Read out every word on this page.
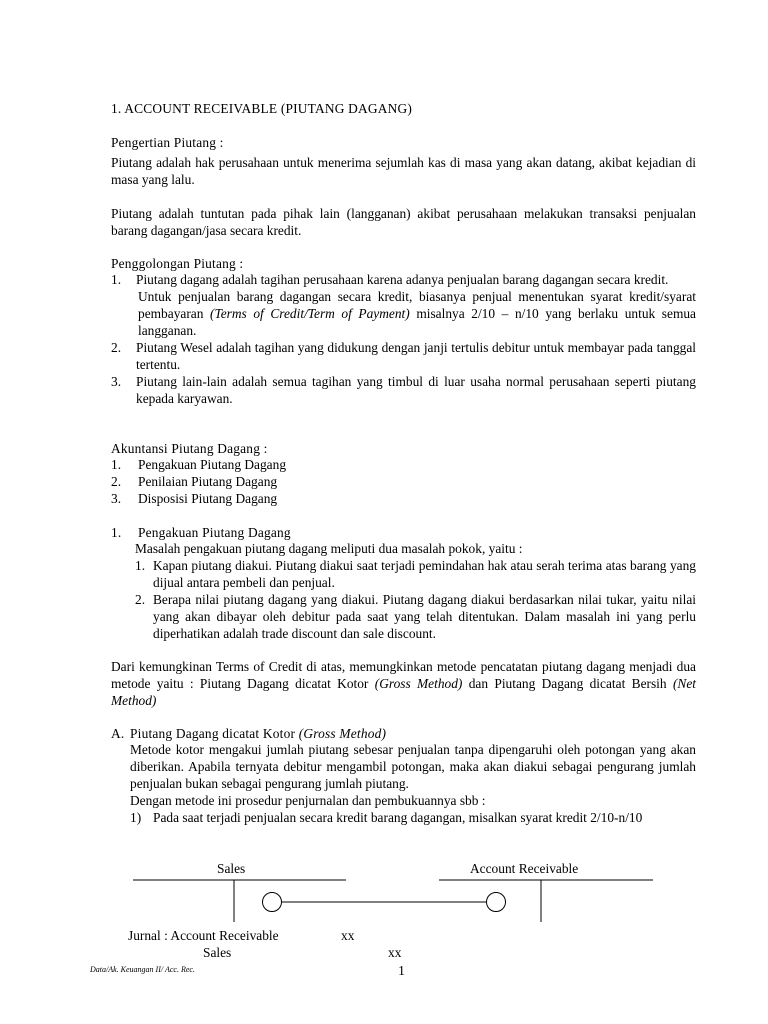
1. ACCOUNT RECEIVABLE (PIUTANG DAGANG)
Pengertian Piutang :

Piutang adalah hak perusahaan untuk menerima sejumlah kas di masa yang akan datang, akibat kejadian di masa yang lalu.

Piutang adalah tuntutan pada pihak lain (langganan) akibat perusahaan melakukan transaksi penjualan barang dagangan/jasa secara kredit.

Penggolongan Piutang :
1. Piutang dagang adalah tagihan perusahaan karena adanya penjualan barang dagangan secara kredit.

Untuk penjualan barang dagangan secara kredit, biasanya penjual menentukan syarat kredit/syarat pembayaran (Terms of Credit/Term of Payment) misalnya 2/10 – n/10 yang berlaku untuk semua langganan.

2. Piutang Wesel adalah tagihan yang didukung dengan janji tertulis debitur untuk membayar pada tanggal tertentu.

3. Piutang lain-lain adalah semua tagihan yang timbul di luar usaha normal perusahaan seperti piutang kepada karyawan.

Akuntansi Piutang Dagang :
1. Pengakuan Piutang Dagang
2. Penilaian Piutang Dagang
3. Disposisi Piutang Dagang
1. Pengakuan Piutang Dagang

Masalah pengakuan piutang dagang meliputi dua masalah pokok, yaitu :

1. Kapan piutang diakui. Piutang diakui saat terjadi pemindahan hak atau serah terima atas barang yang dijual antara pembeli dan penjual.

2. Berapa nilai piutang dagang yang diakui. Piutang dagang diakui berdasarkan nilai tukar, yaitu nilai yang akan dibayar oleh debitur pada saat yang telah ditentukan. Dalam masalah ini yang perlu diperhatikan adalah trade discount dan sale discount.

Dari kemungkinan Terms of Credit di atas, memungkinkan metode pencatatan piutang dagang menjadi dua metode yaitu : Piutang Dagang dicatat Kotor (Gross Method) dan Piutang Dagang dicatat Bersih (Net Method)

A. Piutang Dagang dicatat Kotor (Gross Method)

Metode kotor mengakui jumlah piutang sebesar penjualan tanpa dipengaruhi oleh potongan yang akan diberikan. Apabila ternyata debitur mengambil potongan, maka akan diakui sebagai pengurang jumlah penjualan bukan sebagai pengurang jumlah piutang.

Dengan metode ini prosedur penjurnalan dan pembukuannya sbb :

1) Pada saat terjadi penjualan secara kredit barang dagangan, misalkan syarat kredit 2/10-n/10

Sales	Account Receivable
Jurnal : Account Receivable	xx
Sales	xx
Data/Ak. Keuangan II/ Acc. Rec.	1
